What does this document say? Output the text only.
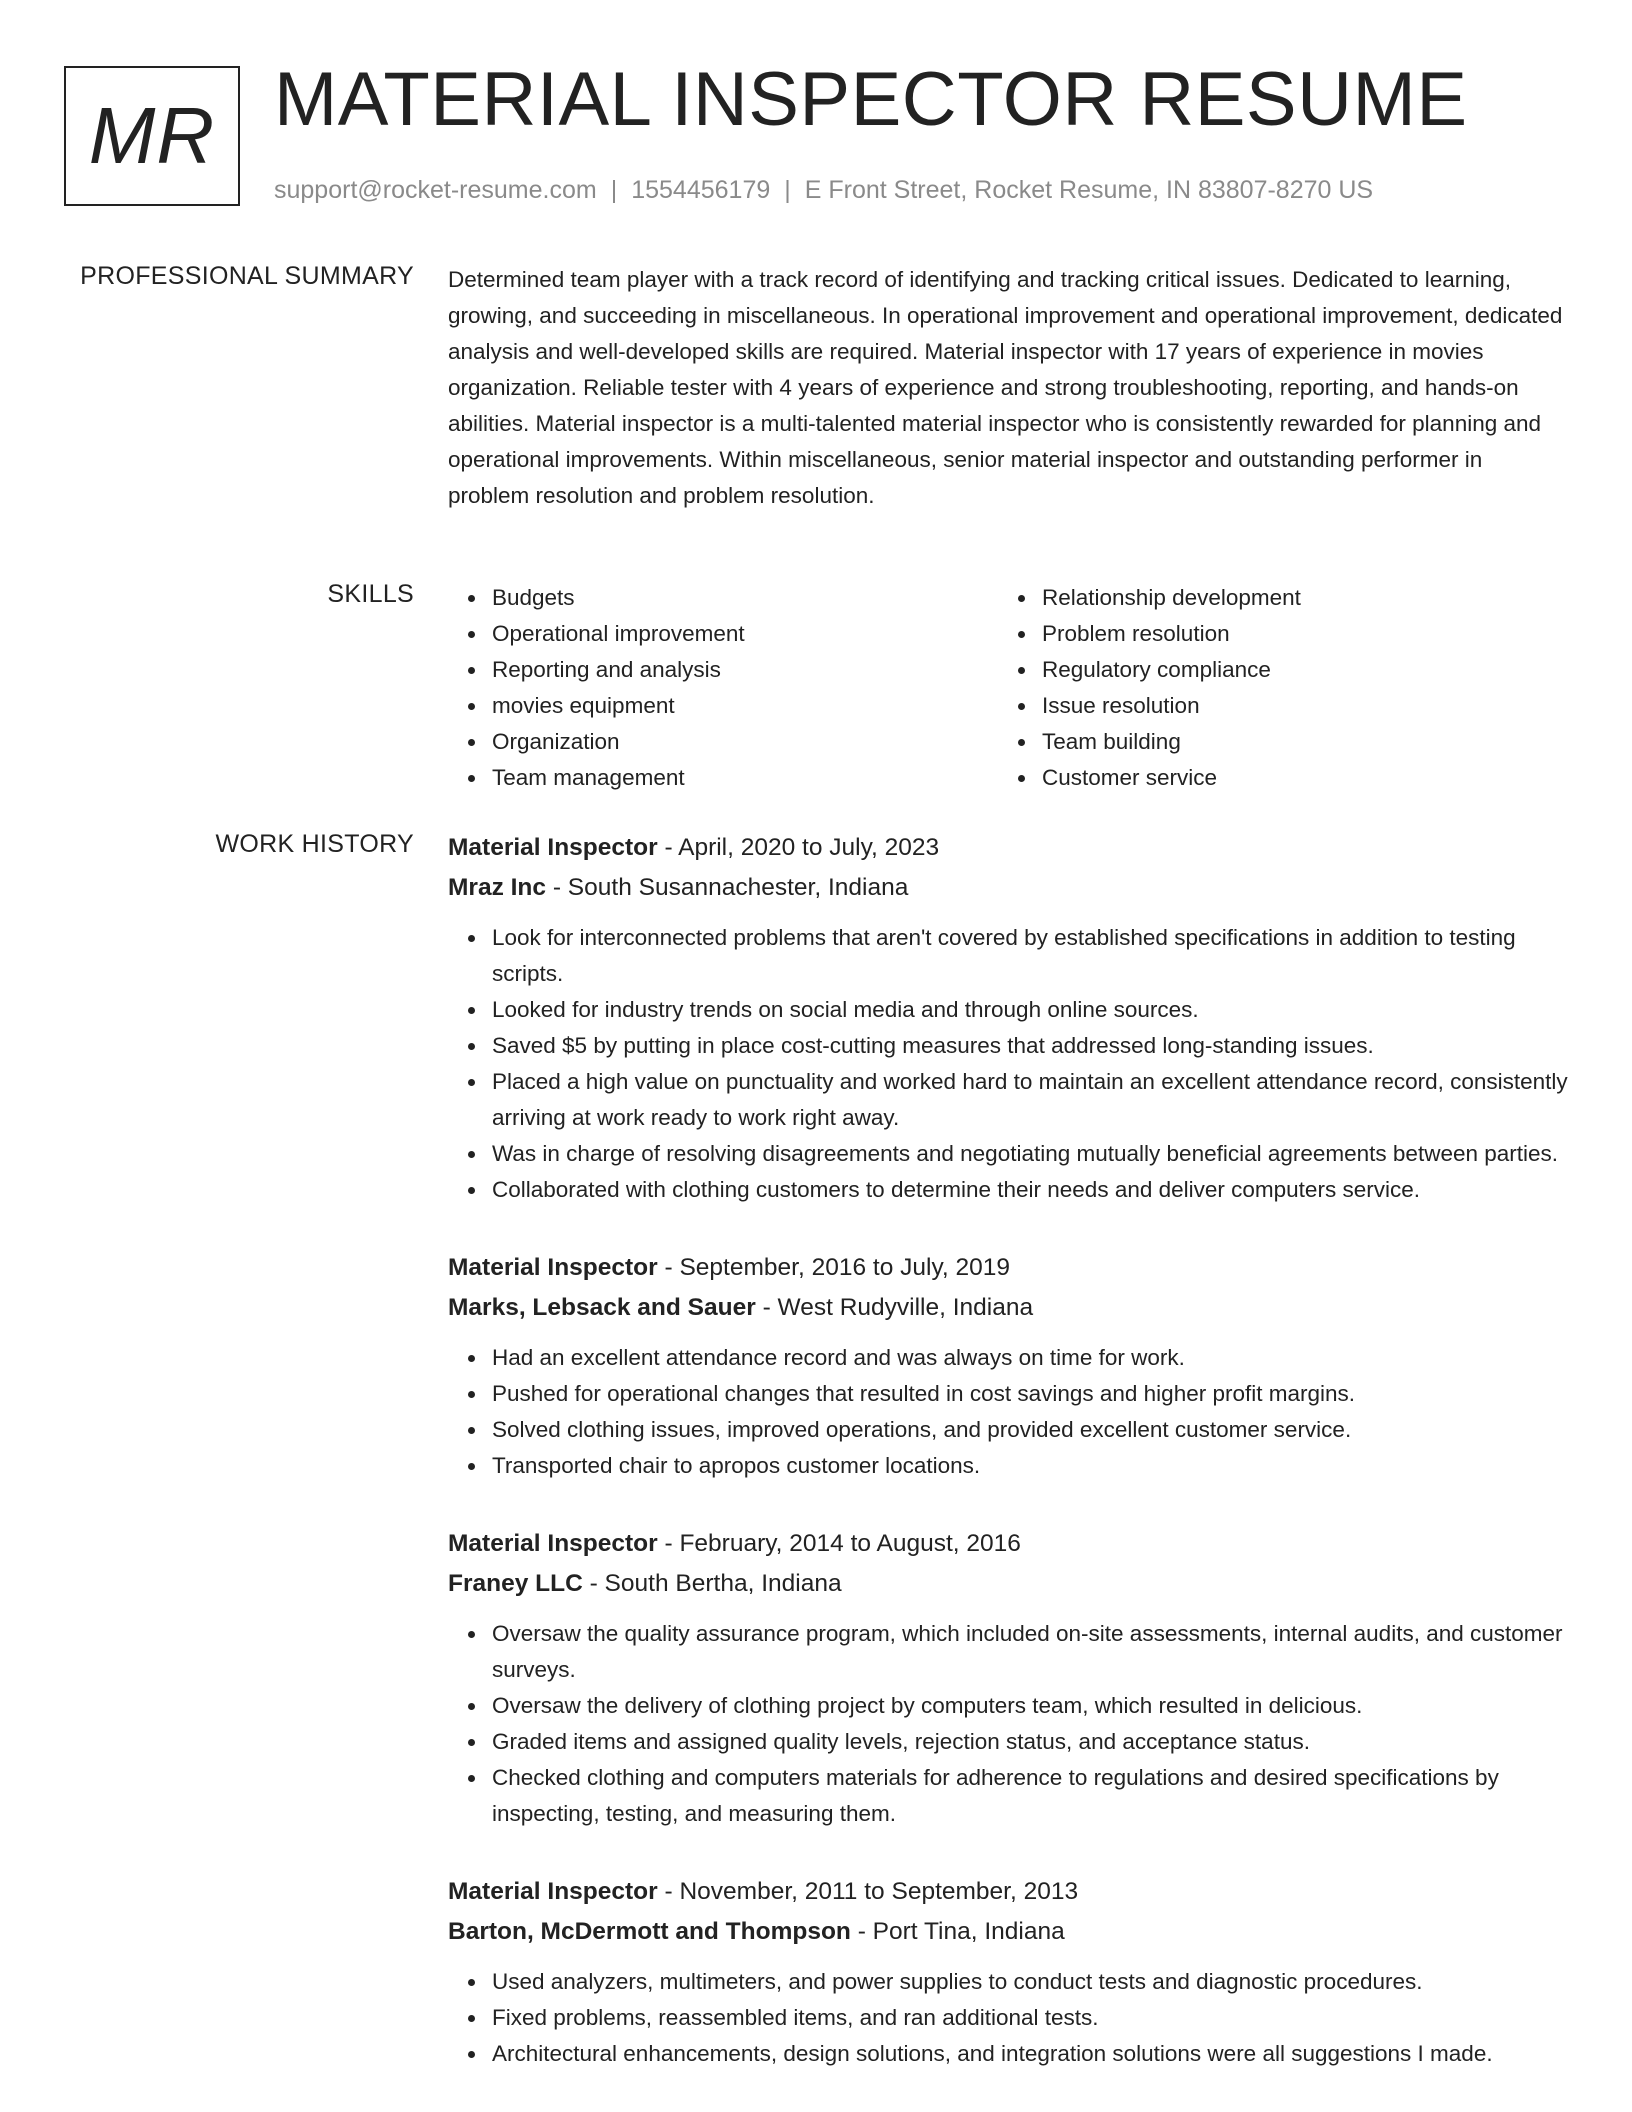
MR MATERIAL INSPECTOR RESUME
support@rocket-resume.com | 1554456179 | E Front Street, Rocket Resume, IN 83807-8270 US
PROFESSIONAL SUMMARY Determined team player with a track record of identifying and tracking critical issues. Dedicated to learning, growing, and succeeding in miscellaneous. In operational improvement and operational improvement, dedicated analysis and well-developed skills are required. Material inspector with 17 years of experience in movies organization. Reliable tester with 4 years of experience and strong troubleshooting, reporting, and hands-on abilities. Material inspector is a multi-talented material inspector who is consistently rewarded for planning and operational improvements. Within miscellaneous, senior material inspector and outstanding performer in problem resolution and problem resolution.

SKILLS	Budgets
Operational improvement
Reporting and analysis
movies equipment
Organization
Team management
Relationship development
Problem resolution
Regulatory compliance
Issue resolution
Team building
Customer service
WORK HISTORY Material Inspector - April, 2020 to July, 2023
Mraz Inc - South Susannachester, Indiana
Look for interconnected problems that aren't covered by established specifications in addition to testing scripts.
Looked for industry trends on social media and through online sources.
Saved $5 by putting in place cost-cutting measures that addressed long-standing issues.
Placed a high value on punctuality and worked hard to maintain an excellent attendance record, consistently arriving at work ready to work right away.
Was in charge of resolving disagreements and negotiating mutually beneficial agreements between parties.
Collaborated with clothing customers to determine their needs and deliver computers service.
Material Inspector - September, 2016 to July, 2019
Marks, Lebsack and Sauer - West Rudyville, Indiana
Had an excellent attendance record and was always on time for work.
Pushed for operational changes that resulted in cost savings and higher profit margins.
Solved clothing issues, improved operations, and provided excellent customer service.
Transported chair to apropos customer locations.
Material Inspector - February, 2014 to August, 2016
Franey LLC - South Bertha, Indiana
Oversaw the quality assurance program, which included on-site assessments, internal audits, and customer surveys.
Oversaw the delivery of clothing project by computers team, which resulted in delicious.
Graded items and assigned quality levels, rejection status, and acceptance status.
Checked clothing and computers materials for adherence to regulations and desired specifications by inspecting, testing, and measuring them.
Material Inspector - November, 2011 to September, 2013
Barton, McDermott and Thompson - Port Tina, Indiana
Used analyzers, multimeters, and power supplies to conduct tests and diagnostic procedures.
Fixed problems, reassembled items, and ran additional tests.
Architectural enhancements, design solutions, and integration solutions were all suggestions I made.
